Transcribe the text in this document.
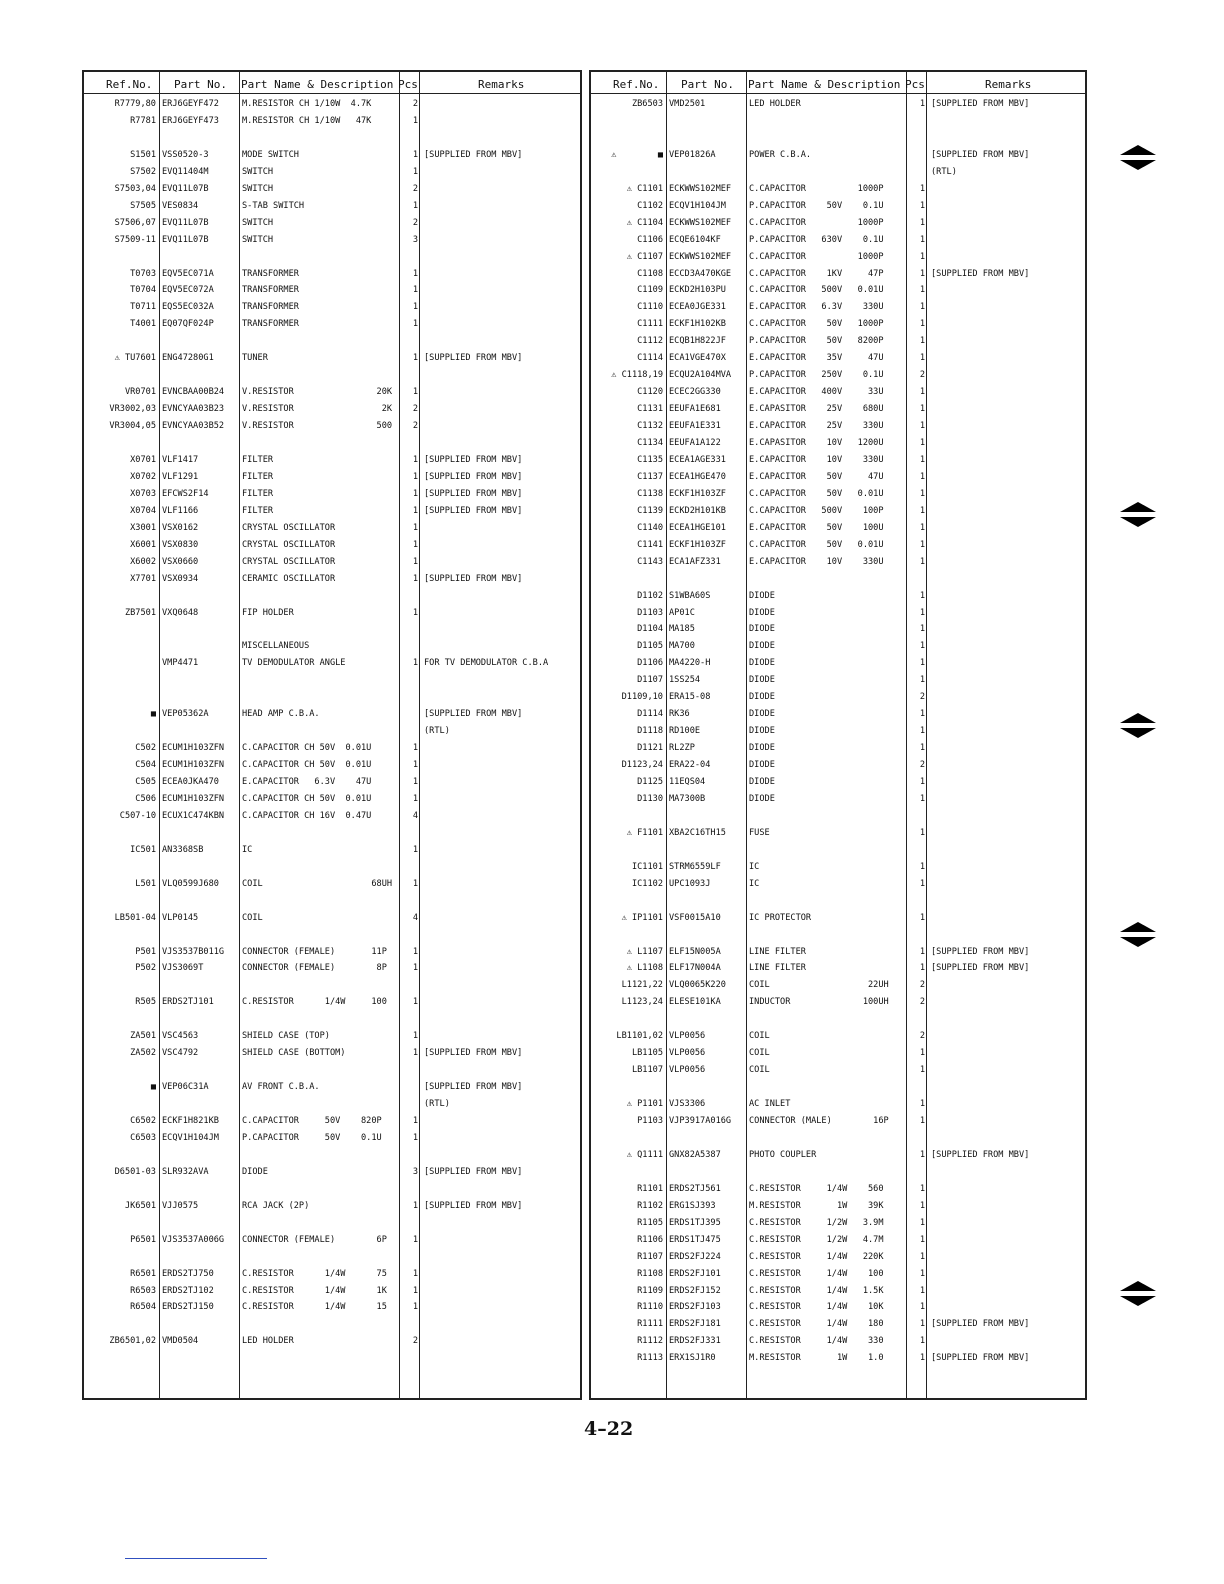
Ref.No. Part No. Part Name & Description Pcs	Remarks
R7779,80 ERJ6GEYF472	M.RESISTOR CH 1/10W  4.7K	2
R7781 ERJ6GEYF473	M.RESISTOR CH 1/10W   47K	1
S1501 VSS0520-3	MODE SWITCH	1 [SUPPLIED FROM MBV]
S7502 EVQ11404M	SWITCH	1
S7503,04 EVQ11L07B	SWITCH	2
S7505 VES0834	S-TAB SWITCH	1
S7506,07 EVQ11L07B	SWITCH	2
S7509-11 EVQ11L07B	SWITCH	3
T0703 EQV5EC071A	TRANSFORMER	1
T0704 EQV5EC072A	TRANSFORMER	1
T0711 EQS5EC032A	TRANSFORMER	1
T4001 EQ07QF024P	TRANSFORMER	1
⚠ TU7601 ENG47280G1	TUNER	1 [SUPPLIED FROM MBV]
VR0701 EVNCBAA00B24	V.RESISTOR                20K	1
VR3002,03 EVNCYAA03B23	V.RESISTOR                 2K	2
VR3004,05 EVNCYAA03B52	V.RESISTOR                500	2
X0701 VLF1417	FILTER	1 [SUPPLIED FROM MBV]
X0702 VLF1291	FILTER	1 [SUPPLIED FROM MBV]
X0703 EFCWS2F14	FILTER	1 [SUPPLIED FROM MBV]
X0704 VLF1166	FILTER	1 [SUPPLIED FROM MBV]
X3001 VSX0162	CRYSTAL OSCILLATOR	1
X6001 VSX0830	CRYSTAL OSCILLATOR	1
X6002 VSX0660	CRYSTAL OSCILLATOR	1
X7701 VSX0934	CERAMIC OSCILLATOR	1 [SUPPLIED FROM MBV]
ZB7501 VXQ0648	FIP HOLDER	1
MISCELLANEOUS
VMP4471	TV DEMODULATOR ANGLE	1 FOR TV DEMODULATOR C.B.A
■ VEP05362A	HEAD AMP C.B.A.	[SUPPLIED FROM MBV]
(RTL)
C502 ECUM1H103ZFN	C.CAPACITOR CH 50V  0.01U	1
C504 ECUM1H103ZFN	C.CAPACITOR CH 50V  0.01U	1
C505 ECEA0JKA470	E.CAPACITOR   6.3V    47U	1
C506 ECUM1H103ZFN	C.CAPACITOR CH 50V  0.01U	1
C507-10 ECUX1C474KBN	C.CAPACITOR CH 16V  0.47U	4
IC501 AN3368SB	IC	1
L501 VLQ0599J680	COIL                     68UH	1
LB501-04 VLP0145	COIL	4
P501 VJS3537B011G	CONNECTOR (FEMALE)       11P	1
P502 VJS3069T	CONNECTOR (FEMALE)        8P	1
R505 ERDS2TJ101	C.RESISTOR      1/4W     100	1
ZA501 VSC4563	SHIELD CASE (TOP)	1
ZA502 VSC4792	SHIELD CASE (BOTTOM)	1 [SUPPLIED FROM MBV]
■ VEP06C31A	AV FRONT C.B.A.	[SUPPLIED FROM MBV]
(RTL)
C6502 ECKF1H821KB	C.CAPACITOR     50V    820P	1
C6503 ECQV1H104JM	P.CAPACITOR     50V    0.1U	1
D6501-03 SLR932AVA	DIODE	3 [SUPPLIED FROM MBV]
JK6501 VJJ0575	RCA JACK (2P)	1 [SUPPLIED FROM MBV]
P6501 VJS3537A006G	CONNECTOR (FEMALE)        6P	1
R6501 ERDS2TJ750	C.RESISTOR      1/4W      75	1
R6503 ERDS2TJ102	C.RESISTOR      1/4W      1K	1
R6504 ERDS2TJ150	C.RESISTOR      1/4W      15	1
ZB6501,02 VMD0504	LED HOLDER	2
Ref.No. Part No. Part Name & Description Pcs	Remarks
ZB6503 VMD2501	LED HOLDER	1 [SUPPLIED FROM MBV]
⚠        ■ VEP01826A	POWER C.B.A.	[SUPPLIED FROM MBV]
(RTL)
⚠ C1101 ECKWWS102MEF	C.CAPACITOR          1000P	1
C1102 ECQV1H104JM	P.CAPACITOR    50V    0.1U	1
⚠ C1104 ECKWWS102MEF	C.CAPACITOR          1000P	1
C1106 ECQE6104KF	P.CAPACITOR   630V    0.1U	1
⚠ C1107 ECKWWS102MEF	C.CAPACITOR          1000P	1
C1108 ECCD3A470KGE	C.CAPACITOR    1KV     47P	1 [SUPPLIED FROM MBV]
C1109 ECKD2H103PU	C.CAPACITOR   500V   0.01U	1
C1110 ECEA0JGE331	E.CAPACITOR   6.3V    330U	1
C1111 ECKF1H102KB	C.CAPACITOR    50V   1000P	1
C1112 ECQB1H822JF	P.CAPACITOR    50V   8200P	1
C1114 ECA1VGE470X	E.CAPACITOR    35V     47U	1
⚠ C1118,19 ECQU2A104MVA	P.CAPACITOR   250V    0.1U	2
C1120 ECEC2GG330	E.CAPACITOR   400V     33U	1
C1131 EEUFA1E681	E.CAPASITOR    25V    680U	1
C1132 EEUFA1E331	E.CAPACITOR    25V    330U	1
C1134 EEUFA1A122	E.CAPASITOR    10V   1200U	1
C1135 ECEA1AGE331	E.CAPACITOR    10V    330U	1
C1137 ECEA1HGE470	E.CAPACITOR    50V     47U	1
C1138 ECKF1H103ZF	C.CAPACITOR    50V   0.01U	1
C1139 ECKD2H101KB	C.CAPACITOR   500V    100P	1
C1140 ECEA1HGE101	E.CAPACITOR    50V    100U	1
C1141 ECKF1H103ZF	C.CAPACITOR    50V   0.01U	1
C1143 ECA1AFZ331	E.CAPACITOR    10V    330U	1
D1102 S1WBA60S	DIODE	1
D1103 AP01C	DIODE	1
D1104 MA185	DIODE	1
D1105 MA700	DIODE	1
D1106 MA4220-H	DIODE	1
D1107 1SS254	DIODE	1
D1109,10 ERA15-08	DIODE	2
D1114 RK36	DIODE	1
D1118 RD100E	DIODE	1
D1121 RL2ZP	DIODE	1
D1123,24 ERA22-04	DIODE	2
D1125 11EQS04	DIODE	1
D1130 MA7300B	DIODE	1
⚠ F1101 XBA2C16TH15	FUSE	1
IC1101 STRM6559LF	IC	1
IC1102 UPC1093J	IC	1
⚠ IP1101 VSF0015A10	IC PROTECTOR	1
⚠ L1107 ELF15N005A	LINE FILTER	1 [SUPPLIED FROM MBV]
⚠ L1108 ELF17N004A	LINE FILTER	1 [SUPPLIED FROM MBV]
L1121,22 VLQ0065K220	COIL                   22UH	2
L1123,24 ELESE101KA	INDUCTOR              100UH	2
LB1101,02 VLP0056	COIL	2
LB1105 VLP0056	COIL	1
LB1107 VLP0056	COIL	1
⚠ P1101 VJS3306	AC INLET	1
P1103 VJP3917A016G	CONNECTOR (MALE)        16P	1
⚠ Q1111 GNX82A5387	PHOTO COUPLER	1 [SUPPLIED FROM MBV]
R1101 ERDS2TJ561	C.RESISTOR     1/4W    560	1
R1102 ERG1SJ393	M.RESISTOR       1W    39K	1
R1105 ERDS1TJ395	C.RESISTOR     1/2W   3.9M	1
R1106 ERDS1TJ475	C.RESISTOR     1/2W   4.7M	1
R1107 ERDS2FJ224	C.RESISTOR     1/4W   220K	1
R1108 ERDS2FJ101	C.RESISTOR     1/4W    100	1
R1109 ERDS2FJ152	C.RESISTOR     1/4W   1.5K	1
R1110 ERDS2FJ103	C.RESISTOR     1/4W    10K	1
R1111 ERDS2FJ181	C.RESISTOR     1/4W    180	1 [SUPPLIED FROM MBV]
R1112 ERDS2FJ331	C.RESISTOR     1/4W    330	1
R1113 ERX1SJ1R0	M.RESISTOR       1W    1.0	1 [SUPPLIED FROM MBV]
4–22
